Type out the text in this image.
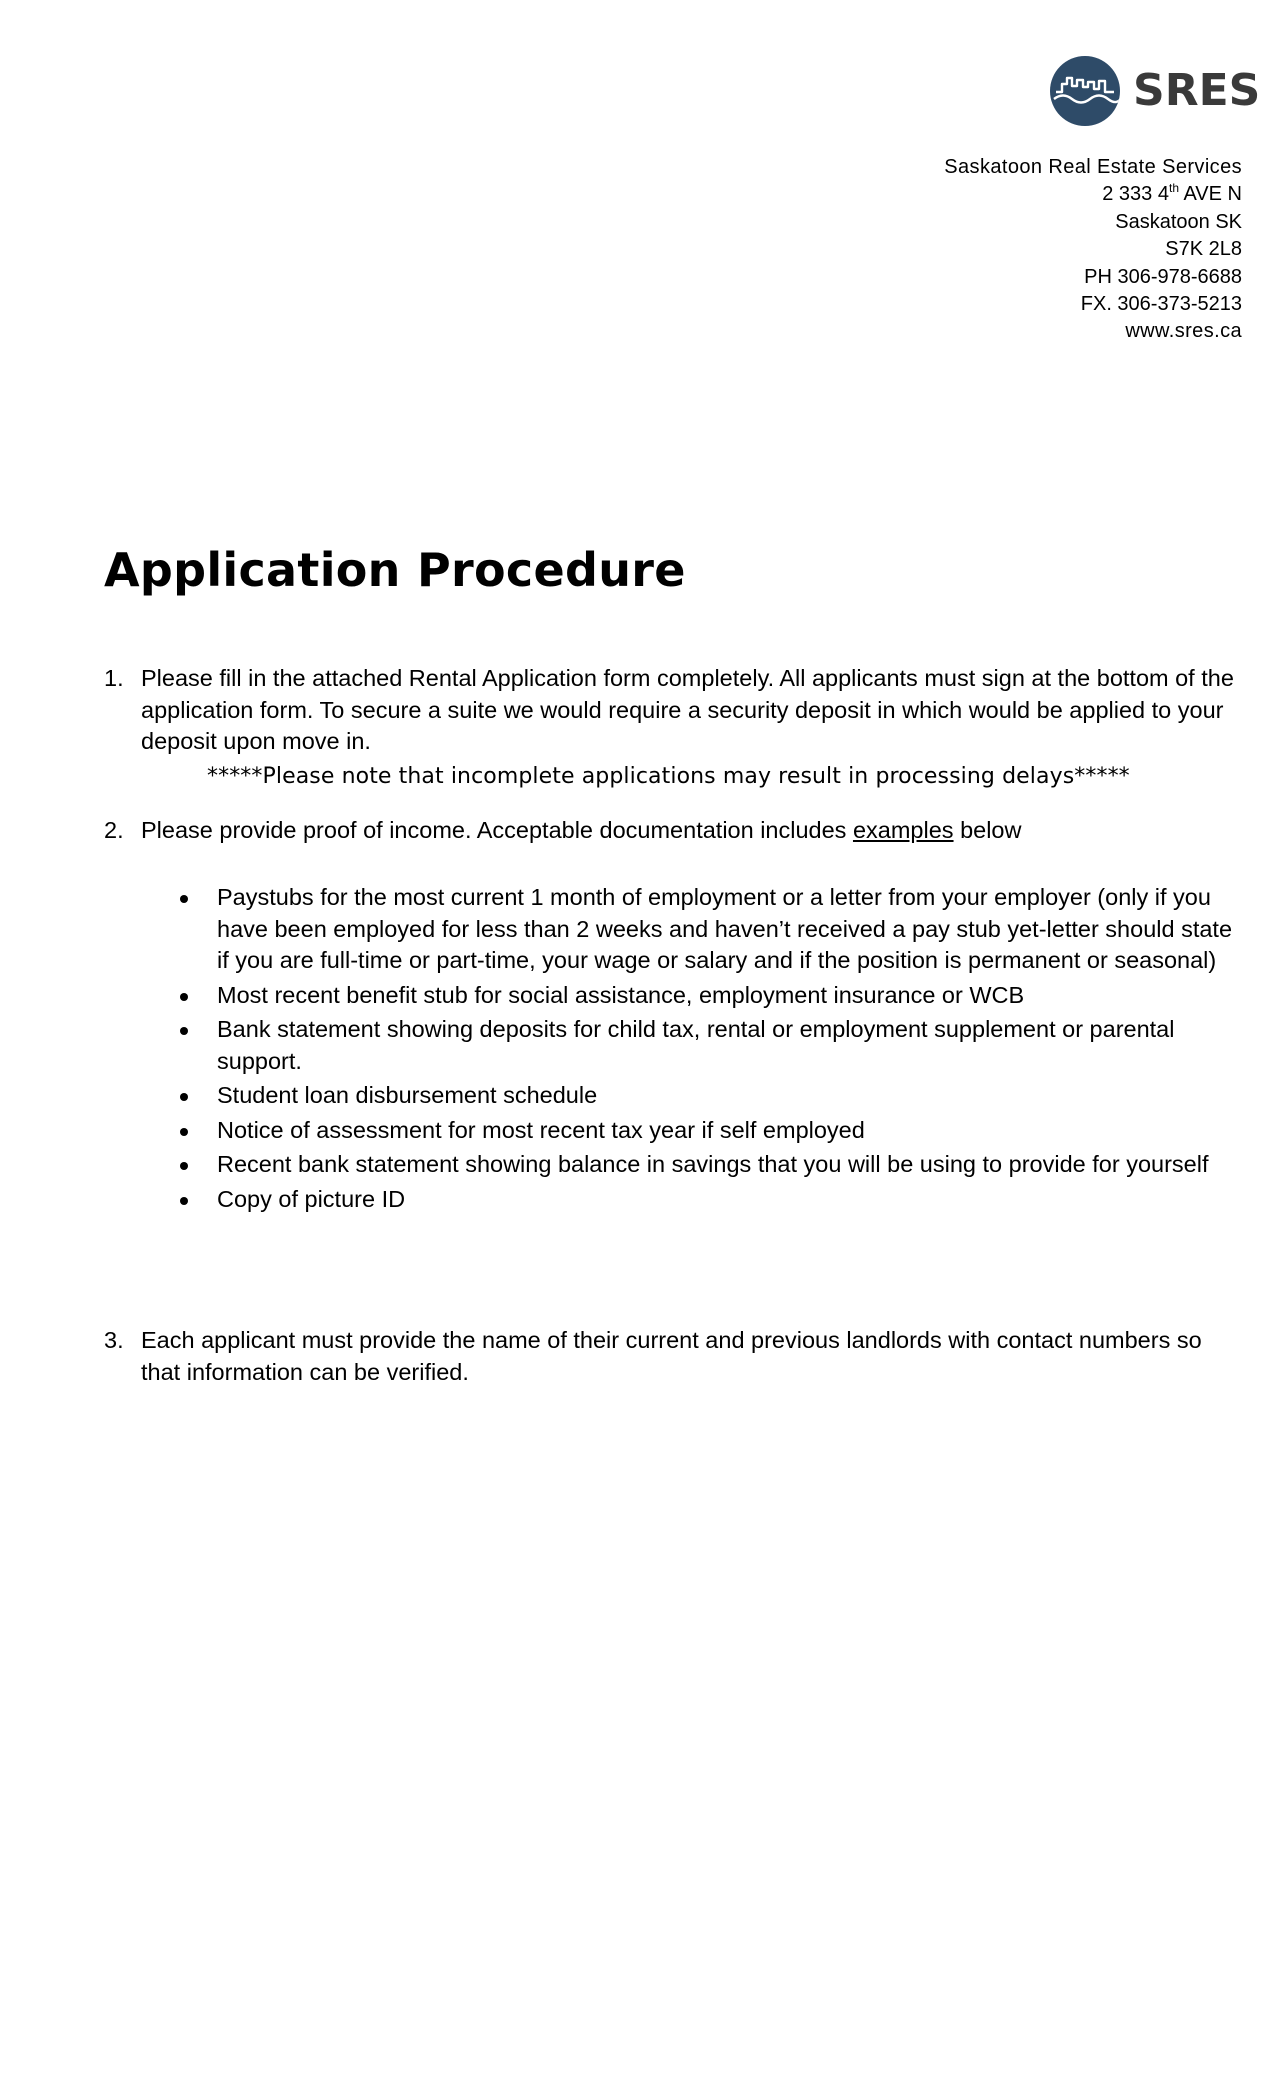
SRES
Saskatoon Real Estate Services
2 333 4th AVE N
Saskatoon SK
S7K 2L8
PH 306-978-6688
FX. 306-373-5213
www.sres.ca
Application Procedure
1. Please fill in the attached Rental Application form completely. All applicants must sign at the bottom of the application form. To secure a suite we would require a security deposit in which would be applied to your deposit upon move in.
*****Please note that incomplete applications may result in processing delays*****
2. Please provide proof of income. Acceptable documentation includes examples below
Paystubs for the most current 1 month of employment or a letter from your employer (only if you have been employed for less than 2 weeks and haven’t received a pay stub yet-letter should state if you are full-time or part-time, your wage or salary and if the position is permanent or seasonal)
Most recent benefit stub for social assistance, employment insurance or WCB
Bank statement showing deposits for child tax, rental or employment supplement or parental support.
Student loan disbursement schedule
Notice of assessment for most recent tax year if self employed
Recent bank statement showing balance in savings that you will be using to provide for yourself
Copy of picture ID
3. Each applicant must provide the name of their current and previous landlords with contact numbers so that information can be verified.
